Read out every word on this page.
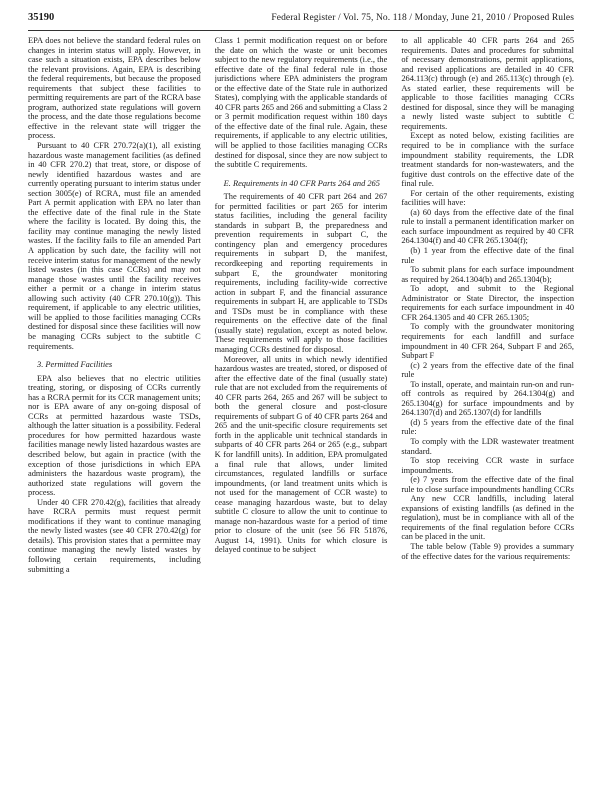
35190	Federal Register / Vol. 75, No. 118 / Monday, June 21, 2010 / Proposed Rules

EPA does not believe the standard federal rules on changes in interim status will apply. However, in case such a situation exists, EPA describes below the relevant provisions. Again, EPA is describing the federal requirements, but because the proposed requirements that subject these facilities to permitting requirements are part of the RCRA base program, authorized state regulations will govern the process, and the date those regulations become effective in the relevant state will trigger the process.

Pursuant to 40 CFR 270.72(a)(1), all existing hazardous waste management facilities (as defined in 40 CFR 270.2) that treat, store, or dispose of newly identified hazardous wastes and are currently operating pursuant to interim status under section 3005(e) of RCRA, must file an amended Part A permit application with EPA no later than the effective date of the final rule in the State where the facility is located. By doing this, the facility may continue managing the newly listed wastes. If the facility fails to file an amended Part A application by such date, the facility will not receive interim status for management of the newly listed wastes (in this case CCRs) and may not manage those wastes until the facility receives either a permit or a change in interim status allowing such activity (40 CFR 270.10(g)). This requirement, if applicable to any electric utilities, will be applied to those facilities managing CCRs destined for disposal since these facilities will now be managing CCRs subject to the subtitle C requirements.

3. Permitted Facilities

EPA also believes that no electric utilities treating, storing, or disposing of CCRs currently has a RCRA permit for its CCR management units; nor is EPA aware of any on-going disposal of CCRs at permitted hazardous waste TSDs, although the latter situation is a possibility. Federal procedures for how permitted hazardous waste facilities manage newly listed hazardous wastes are described below, but again in practice (with the exception of those jurisdictions in which EPA administers the hazardous waste program), the authorized state regulations will govern the process.

Under 40 CFR 270.42(g), facilities that already have RCRA permits must request permit modifications if they want to continue managing the newly listed wastes (see 40 CFR 270.42(g) for details). This provision states that a permittee may continue managing the newly listed wastes by following certain requirements, including submitting a

Class 1 permit modification request on or before the date on which the waste or unit becomes subject to the new regulatory requirements (i.e., the effective date of the final federal rule in those jurisdictions where EPA administers the program or the effective date of the State rule in authorized States), complying with the applicable standards of 40 CFR parts 265 and 266 and submitting a Class 2 or 3 permit modification request within 180 days of the effective date of the final rule. Again, these requirements, if applicable to any electric utilities, will be applied to those facilities managing CCRs destined for disposal, since they are now subject to the subtitle C requirements.

E. Requirements in 40 CFR Parts 264 and 265

The requirements of 40 CFR part 264 and 267 for permitted facilities or part 265 for interim status facilities, including the general facility standards in subpart B, the preparedness and prevention requirements in subpart C, the contingency plan and emergency procedures requirements in subpart D, the manifest, recordkeeping and reporting requirements in subpart E, the groundwater monitoring requirements, including facility-wide corrective action in subpart F, and the financial assurance requirements in subpart H, are applicable to TSDs and TSDs must be in compliance with these requirements on the effective date of the final (usually state) regulation, except as noted below. These requirements will apply to those facilities managing CCRs destined for disposal.

Moreover, all units in which newly identified hazardous wastes are treated, stored, or disposed of after the effective date of the final (usually state) rule that are not excluded from the requirements of 40 CFR parts 264, 265 and 267 will be subject to both the general closure and post-closure requirements of subpart G of 40 CFR parts 264 and 265 and the unit-specific closure requirements set forth in the applicable unit technical standards in subparts of 40 CFR parts 264 or 265 (e.g., subpart K for landfill units). In addition, EPA promulgated a final rule that allows, under limited circumstances, regulated landfills or surface impoundments, (or land treatment units which is not used for the management of CCR waste) to cease managing hazardous waste, but to delay subtitle C closure to allow the unit to continue to manage non-hazardous waste for a period of time prior to closure of the unit (see 56 FR 51876, August 14, 1991). Units for which closure is delayed continue to be subject

to all applicable 40 CFR parts 264 and 265 requirements. Dates and procedures for submittal of necessary demonstrations, permit applications, and revised applications are detailed in 40 CFR 264.113(c) through (e) and 265.113(c) through (e). As stated earlier, these requirements will be applicable to those facilities managing CCRs destined for disposal, since they will be managing a newly listed waste subject to subtitle C requirements.

Except as noted below, existing facilities are required to be in compliance with the surface impoundment stability requirements, the LDR treatment standards for non-wastewaters, and the fugitive dust controls on the effective date of the final rule.

For certain of the other requirements, existing facilities will have:

(a) 60 days from the effective date of the final rule to install a permanent identification marker on each surface impoundment as required by 40 CFR 264.1304(f) and 40 CFR 265.1304(f);

(b) 1 year from the effective date of the final rule

To submit plans for each surface impoundment as required by 264.1304(b) and 265.1304(b);

To adopt, and submit to the Regional Administrator or State Director, the inspection requirements for each surface impoundment in 40 CFR 264.1305 and 40 CFR 265.1305;

To comply with the groundwater monitoring requirements for each landfill and surface impoundment in 40 CFR 264, Subpart F and 265, Subpart F

(c) 2 years from the effective date of the final rule

To install, operate, and maintain run-on and run-off controls as required by 264.1304(g) and 265.1304(g) for surface impoundments and by 264.1307(d) and 265.1307(d) for landfills

(d) 5 years from the effective date of the final rule:

To comply with the LDR wastewater treatment standard.

To stop receiving CCR waste in surface impoundments.

(e) 7 years from the effective date of the final rule to close surface impoundments handling CCRs

Any new CCR landfills, including lateral expansions of existing landfills (as defined in the regulation), must be in compliance with all of the requirements of the final regulation before CCRs can be placed in the unit.

The table below (Table 9) provides a summary of the effective dates for the various requirements:
